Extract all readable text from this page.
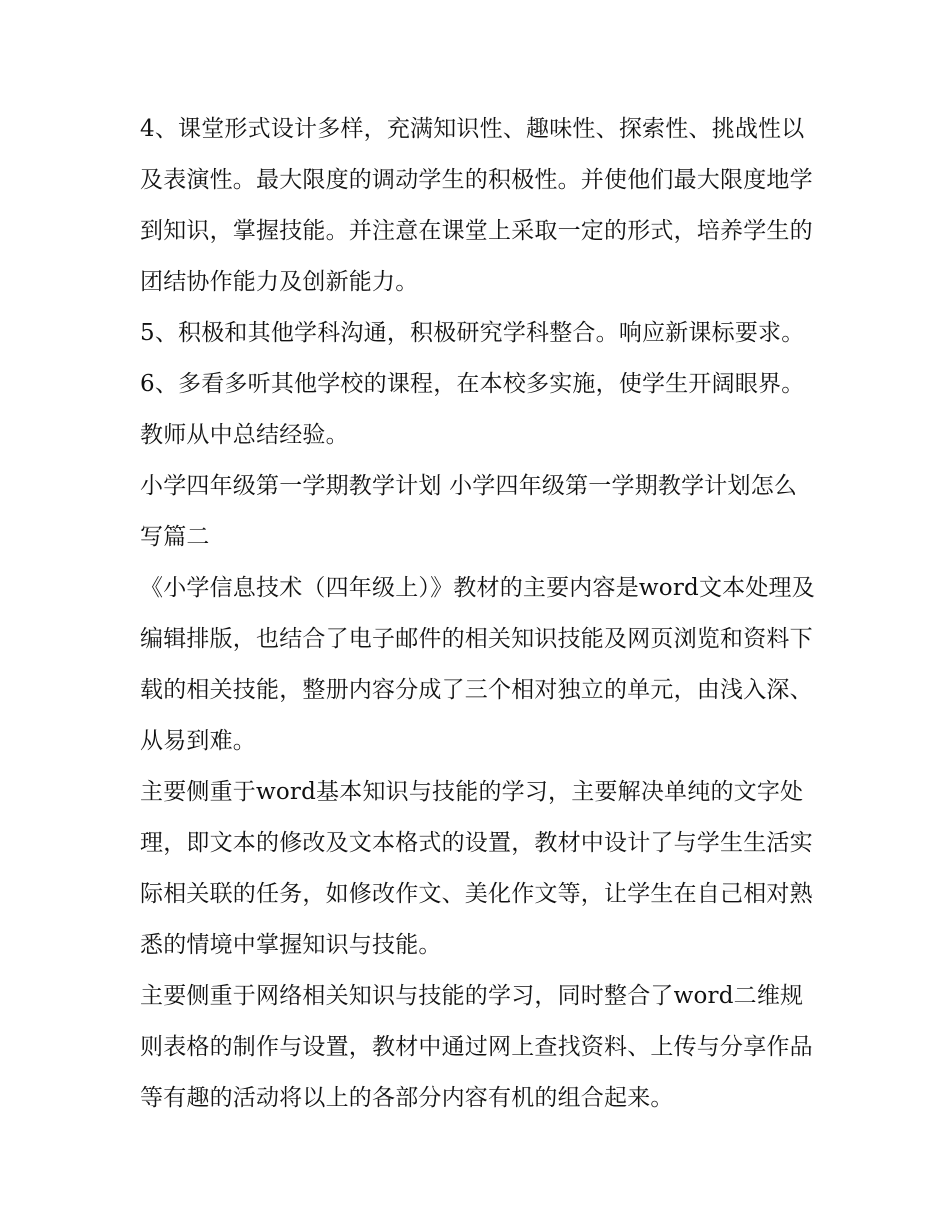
4、课堂形式设计多样，充满知识性、趣味性、探索性、挑战性以及表演性。最大限度的调动学生的积极性。并使他们最大限度地学到知识，掌握技能。并注意在课堂上采取一定的形式，培养学生的团结协作能力及创新能力。

5、积极和其他学科沟通，积极研究学科整合。响应新课标要求。 6、多看多听其他学校的课程，在本校多实施，使学生开阔眼界。教师从中总结经验。

小学四年级第一学期教学计划 小学四年级第一学期教学计划怎么写篇二

《小学信息技术（四年级上）》教材的主要内容是word文本处理及编辑排版，也结合了电子邮件的相关知识技能及网页浏览和资料下载的相关技能，整册内容分成了三个相对独立的单元，由浅入深、从易到难。

主要侧重于word基本知识与技能的学习，主要解决单纯的文字处理，即文本的修改及文本格式的设置，教材中设计了与学生生活实际相关联的任务，如修改作文、美化作文等，让学生在自己相对熟悉的情境中掌握知识与技能。

主要侧重于网络相关知识与技能的学习，同时整合了word二维规则表格的制作与设置，教材中通过网上查找资料、上传与分享作品等有趣的活动将以上的各部分内容有机的组合起来。
